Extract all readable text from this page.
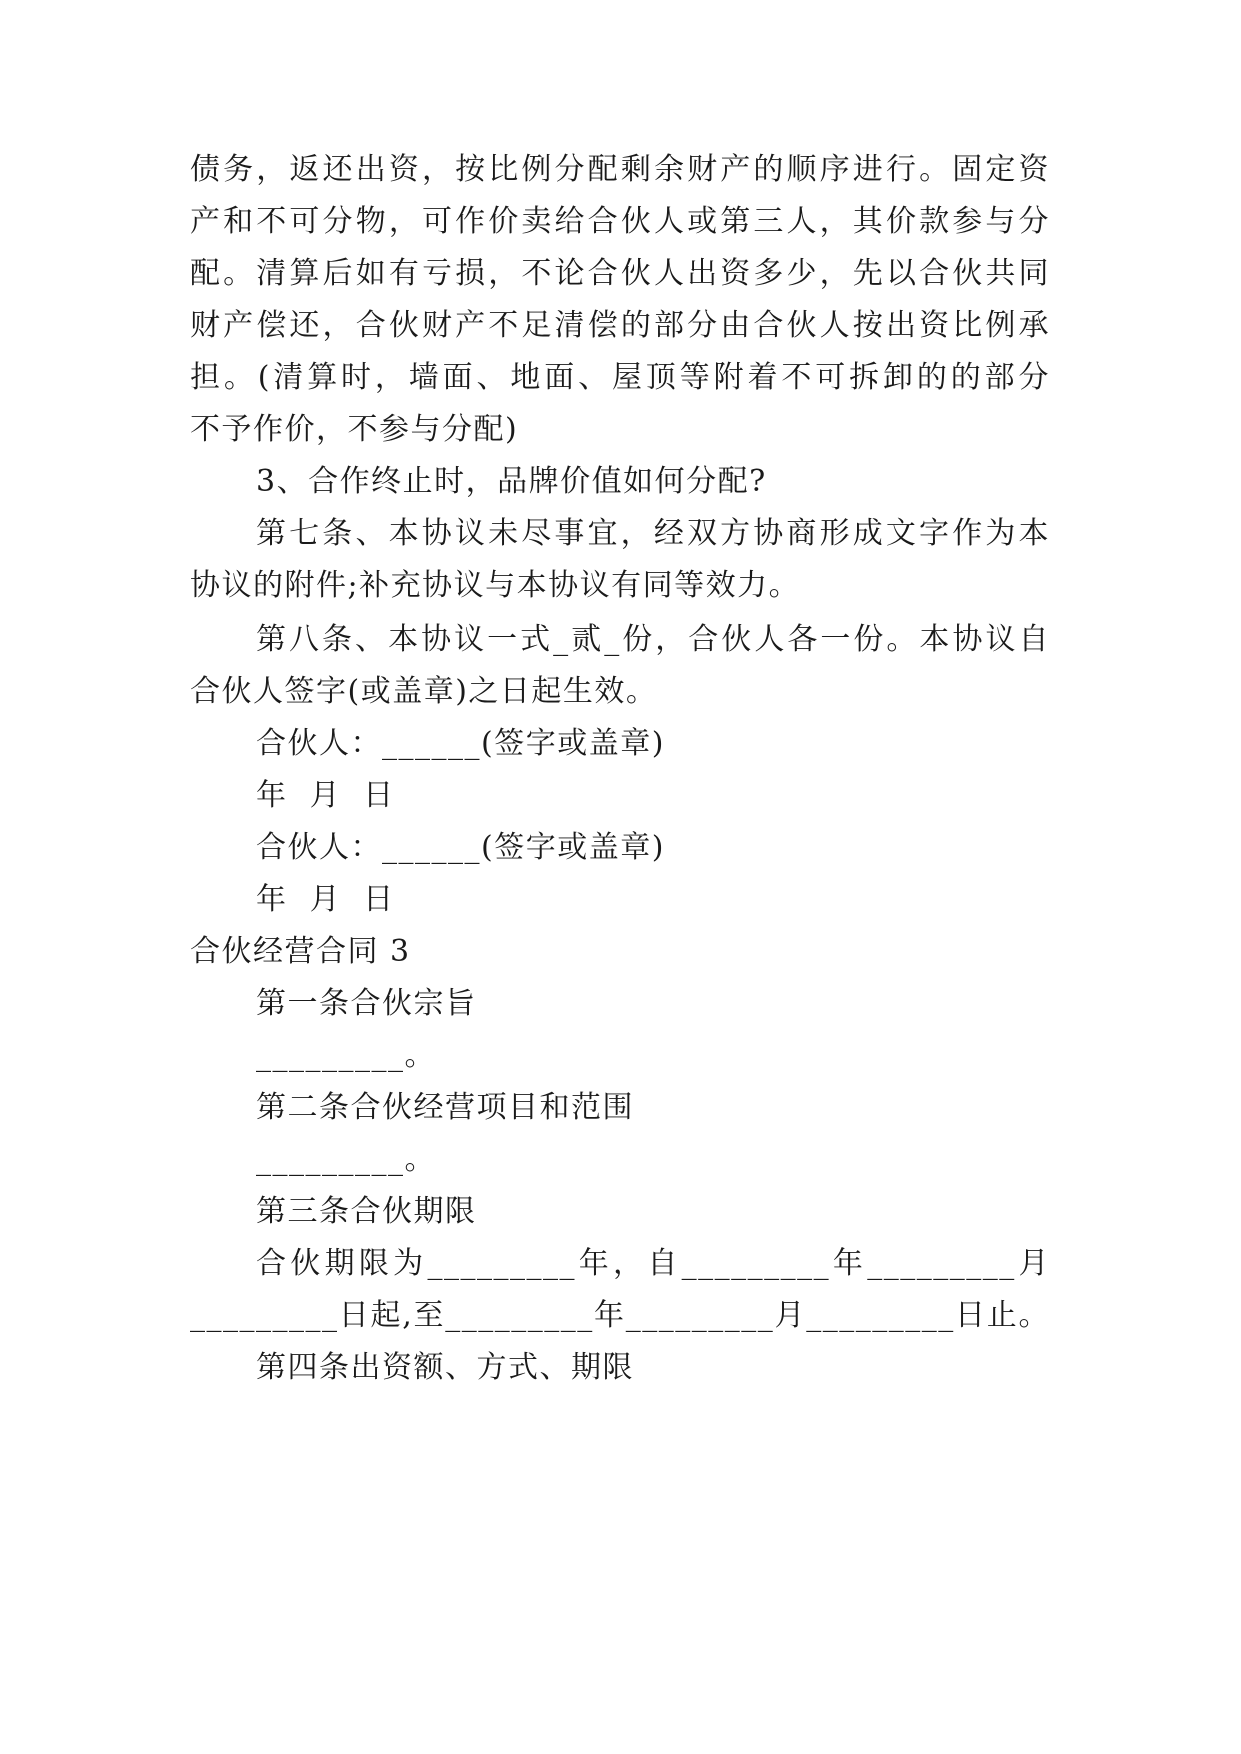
债务，返还出资，按比例分配剩余财产的顺序进行。固定资
产和不可分物，可作价卖给合伙人或第三人，其价款参与分
配。清算后如有亏损，不论合伙人出资多少，先以合伙共同
财产偿还，合伙财产不足清偿的部分由合伙人按出资比例承
担。(清算时，墙面、地面、屋顶等附着不可拆卸的的部分
不予作价，不参与分配)
3、合作终止时，品牌价值如何分配?
第七条、本协议未尽事宜，经双方协商形成文字作为本
协议的附件;补充协议与本协议有同等效力。
第八条、本协议一式_贰_份，合伙人各一份。本协议自
合伙人签字(或盖章)之日起生效。
合伙人：______(签字或盖章)
年  月  日
合伙人：______(签字或盖章)
年  月  日
合伙经营合同 3
第一条合伙宗旨
_________。
第二条合伙经营项目和范围
_________。
第三条合伙期限
合伙期限为_________年，自_________年_________月
_________日起,至_________年_________月_________日止。
第四条出资额、方式、期限
